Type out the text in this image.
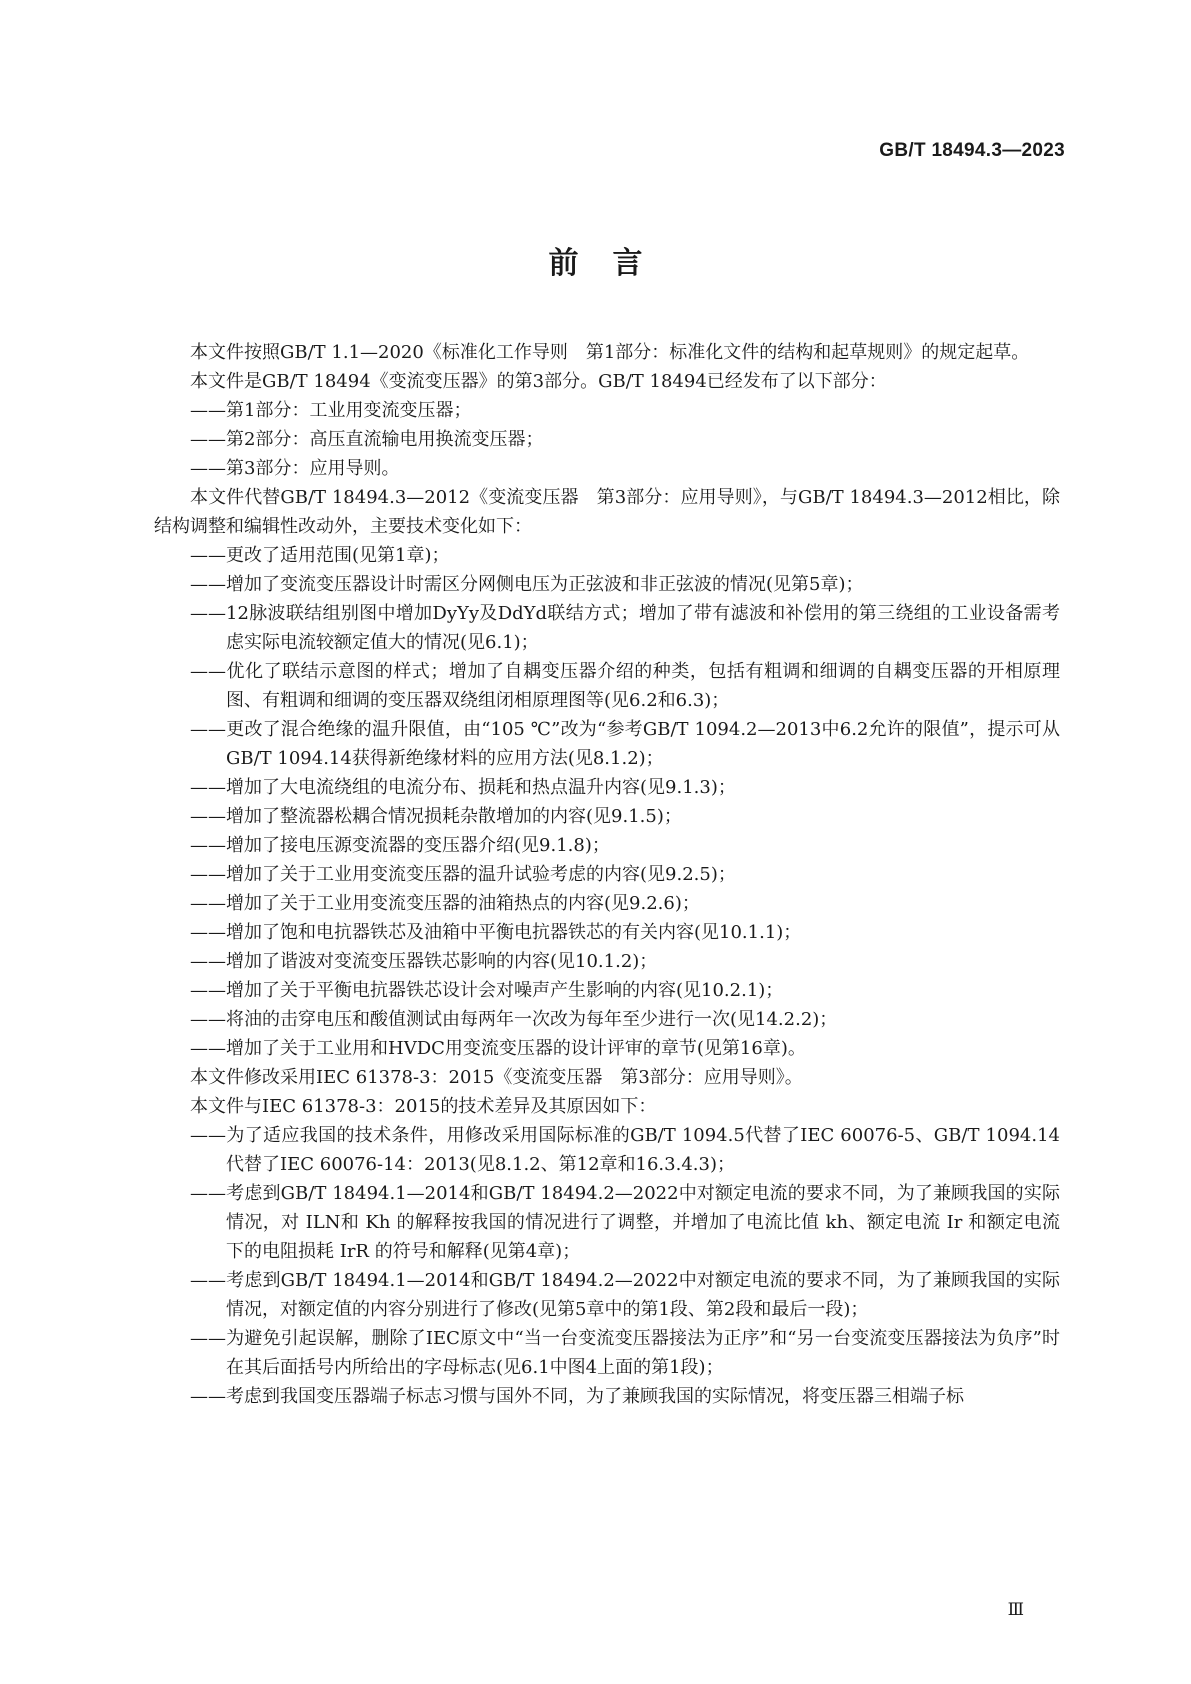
GB/T 18494.3—2023
前言
本文件按照GB/T 1.1—2020《标准化工作导则　第1部分：标准化文件的结构和起草规则》的规定起草。
本文件是GB/T 18494《变流变压器》的第3部分。GB/T 18494已经发布了以下部分：
——第1部分：工业用变流变压器；
——第2部分：高压直流输电用换流变压器；
——第3部分：应用导则。
本文件代替GB/T 18494.3—2012《变流变压器　第3部分：应用导则》，与GB/T 18494.3—2012相比，除结构调整和编辑性改动外，主要技术变化如下：
——更改了适用范围(见第1章)；
——增加了变流变压器设计时需区分网侧电压为正弦波和非正弦波的情况(见第5章)；
——12脉波联结组别图中增加DyYy及DdYd联结方式；增加了带有滤波和补偿用的第三绕组的工业设备需考虑实际电流较额定值大的情况(见6.1)；
——优化了联结示意图的样式；增加了自耦变压器介绍的种类，包括有粗调和细调的自耦变压器的开相原理图、有粗调和细调的变压器双绕组闭相原理图等(见6.2和6.3)；
——更改了混合绝缘的温升限值，由“105 ℃”改为“参考GB/T 1094.2—2013中6.2允许的限值”，提示可从GB/T 1094.14获得新绝缘材料的应用方法(见8.1.2)；
——增加了大电流绕组的电流分布、损耗和热点温升内容(见9.1.3)；
——增加了整流器松耦合情况损耗杂散增加的内容(见9.1.5)；
——增加了接电压源变流器的变压器介绍(见9.1.8)；
——增加了关于工业用变流变压器的温升试验考虑的内容(见9.2.5)；
——增加了关于工业用变流变压器的油箱热点的内容(见9.2.6)；
——增加了饱和电抗器铁芯及油箱中平衡电抗器铁芯的有关内容(见10.1.1)；
——增加了谐波对变流变压器铁芯影响的内容(见10.1.2)；
——增加了关于平衡电抗器铁芯设计会对噪声产生影响的内容(见10.2.1)；
——将油的击穿电压和酸值测试由每两年一次改为每年至少进行一次(见14.2.2)；
——增加了关于工业用和HVDC用变流变压器的设计评审的章节(见第16章)。
本文件修改采用IEC 61378-3：2015《变流变压器　第3部分：应用导则》。
本文件与IEC 61378-3：2015的技术差异及其原因如下：
——为了适应我国的技术条件，用修改采用国际标准的GB/T 1094.5代替了IEC 60076-5、GB/T 1094.14代替了IEC 60076-14：2013(见8.1.2、第12章和16.3.4.3)；
——考虑到GB/T 18494.1—2014和GB/T 18494.2—2022中对额定电流的要求不同，为了兼顾我国的实际情况，对 ILN和 Kh 的解释按我国的情况进行了调整，并增加了电流比值 kh、额定电流 Ir 和额定电流下的电阻损耗 IrR 的符号和解释(见第4章)；
——考虑到GB/T 18494.1—2014和GB/T 18494.2—2022中对额定电流的要求不同，为了兼顾我国的实际情况，对额定值的内容分别进行了修改(见第5章中的第1段、第2段和最后一段)；
——为避免引起误解，删除了IEC原文中“当一台变流变压器接法为正序”和“另一台变流变压器接法为负序”时在其后面括号内所给出的字母标志(见6.1中图4上面的第1段)；
——考虑到我国变压器端子标志习惯与国外不同，为了兼顾我国的实际情况，将变压器三相端子标
Ⅲ
